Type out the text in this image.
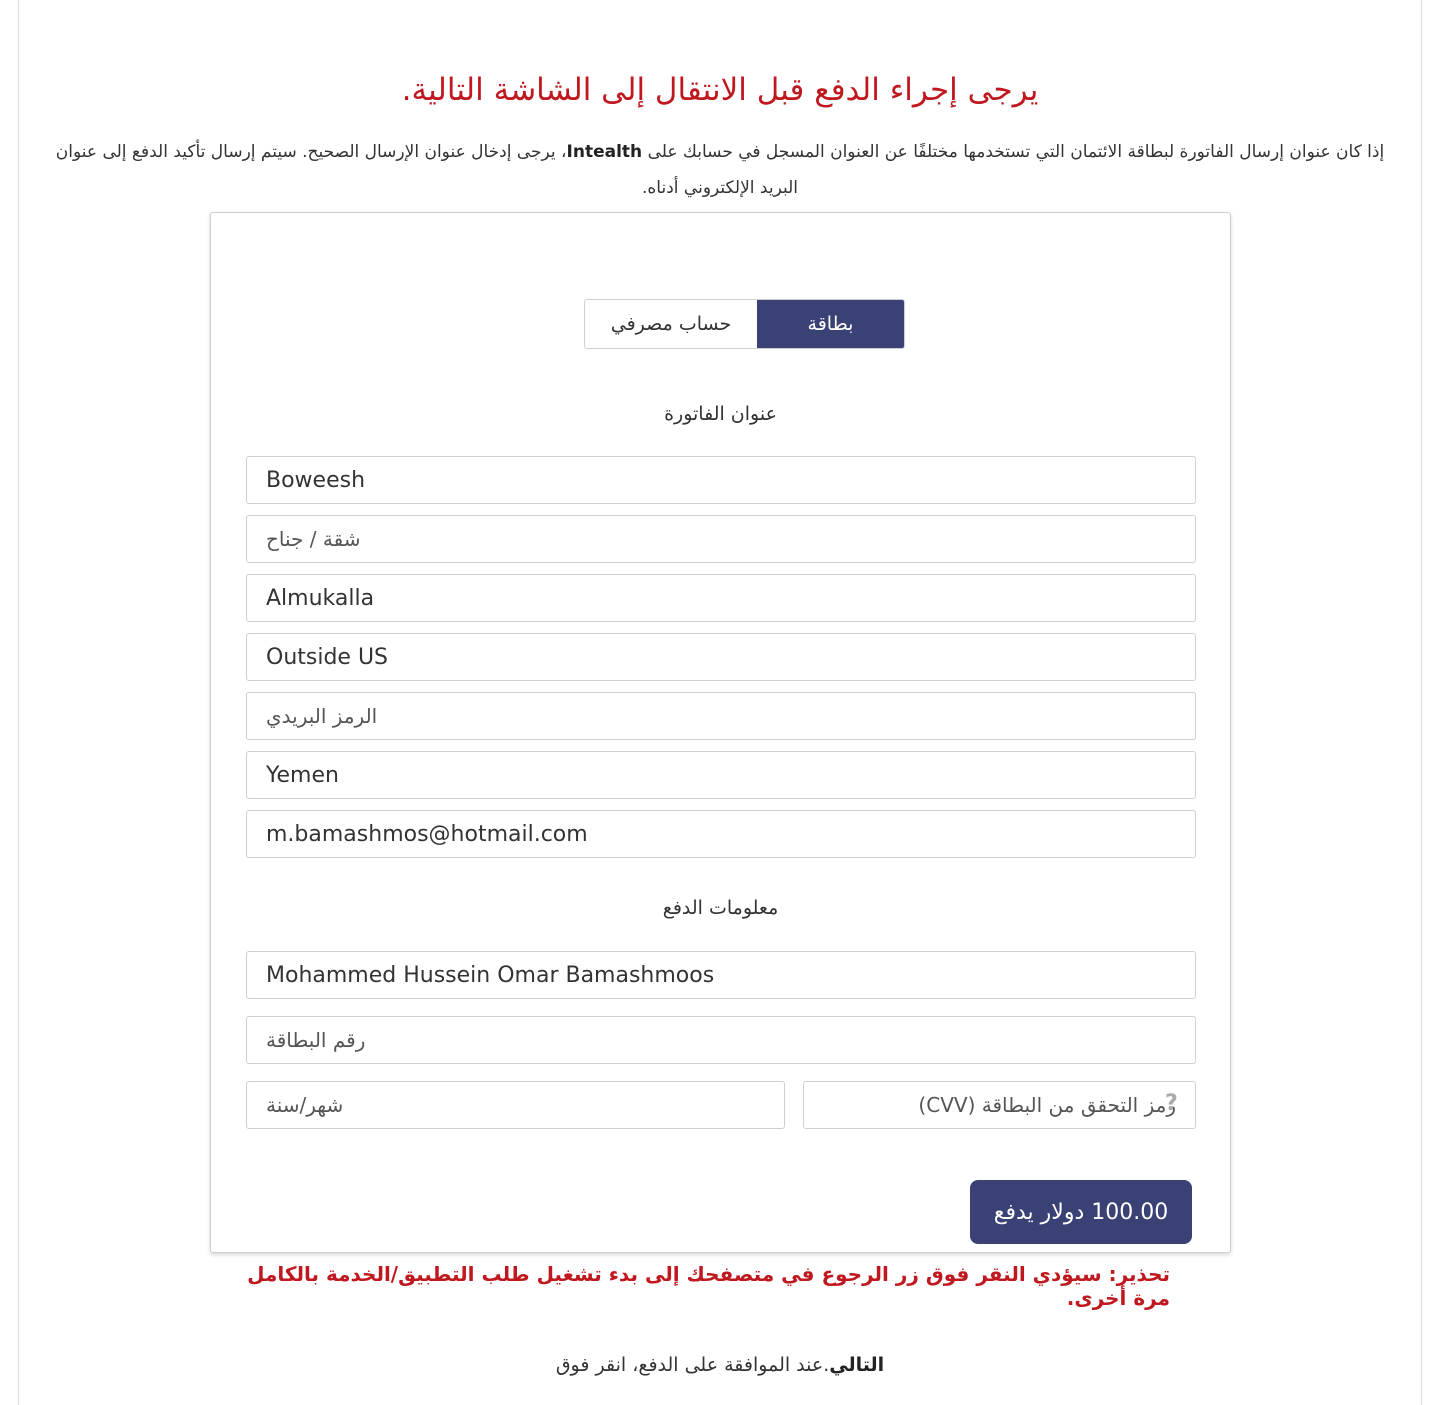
يرجى إجراء الدفع قبل الانتقال إلى الشاشة التالية.

إذا كان عنوان إرسال الفاتورة لبطاقة الائتمان التي تستخدمها مختلفًا عن العنوان المسجل في حسابك على Intealth، يرجى إدخال عنوان الإرسال الصحيح. سيتم إرسال تأكيد الدفع إلى عنوان البريد الإلكتروني أدناه.

بطاقة
حساب مصرفي
عنوان الفاتورة
Boweesh
شقة / جناح
Almukalla
Outside US
الرمز البريدي
Yemen
m.bamashmos@hotmail.com
معلومات الدفع
Mohammed Hussein Omar Bamashmoos
رقم البطاقة
شهر/سنة
رمز التحقق من البطاقة (CVV)
?
100.00 دولار يدفع
تحذير: سيؤدي النقر فوق زر الرجوع في متصفحك إلى بدء تشغيل طلب التطبيق/الخدمة بالكامل مرة أخرى.
التالي.عند الموافقة على الدفع، انقر فوق
